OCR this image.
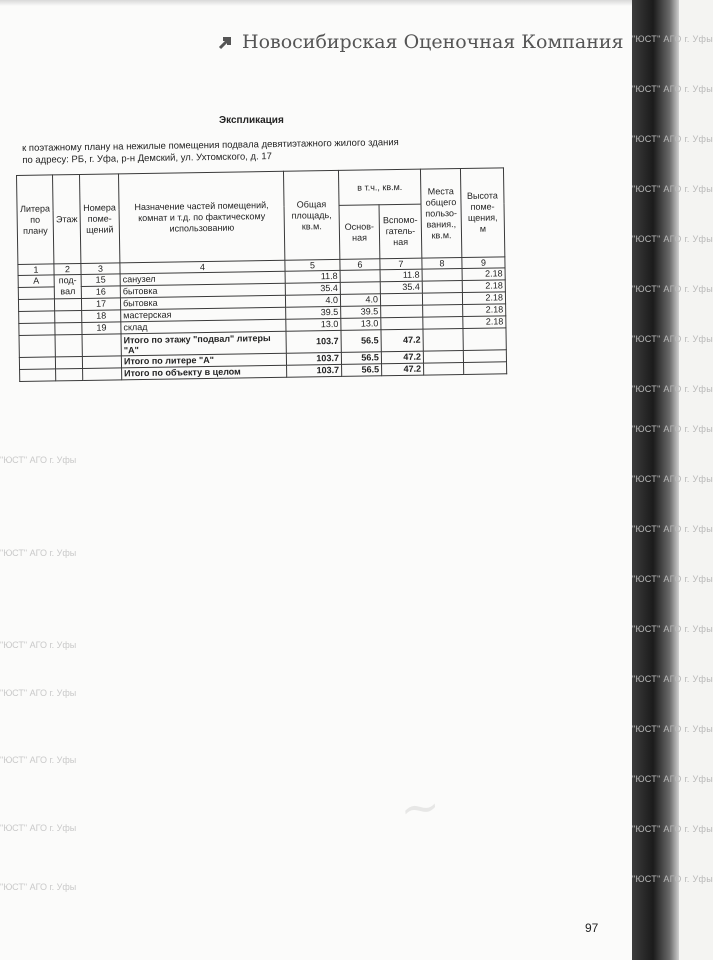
Новосибирская Оценочная Компания
Экспликация
к поэтажному плану на нежилые помещения подвала девятиэтажного жилого здания
по адресу: РБ, г. Уфа, р-н Демский, ул. Ухтомского, д. 17
Литера по плану	Этаж	Номера поме-щений	Назначение частей помещений, комнат и т.д. по фактическому использованию	Общая площадь, кв.м.	в т.ч., кв.м.		Места общего пользо-вания., кв.м.	Высота поме-щения, м
					Основ-ная	Вспомо-гатель-ная		
1	2	3	4	5	6	7	8	9
А	под-вал	15	санузел	11.8		11.8		2.18
		16	бытовка	35.4		35.4		2.18
		17	бытовка	4.0	4.0			2.18
		18	мастерская	39.5	39.5			2.18
		19	склад	13.0	13.0			2.18
			Итого по этажу "подвал" литеры "А"	103.7	56.5	47.2		
			Итого по литере "А"	103.7	56.5	47.2		
			Итого по объекту в целом	103.7	56.5	47.2		
"ЮСТ" АГО г. Уфы
"ЮСТ" АГО г. Уфы
"ЮСТ" АГО г. Уфы
"ЮСТ" АГО г. Уфы
"ЮСТ" АГО г. Уфы
"ЮСТ" АГО г. Уфы
"ЮСТ" АГО г. Уфы
~
97
"ЮСТ" АГО г. Уфы
"ЮСТ" АГО г. Уфы
"ЮСТ" АГО г. Уфы
"ЮСТ" АГО г. Уфы
"ЮСТ" АГО г. Уфы
"ЮСТ" АГО г. Уфы
"ЮСТ" АГО г. Уфы
"ЮСТ" АГО г. Уфы
"ЮСТ" АГО г. Уфы
"ЮСТ" АГО г. Уфы
"ЮСТ" АГО г. Уфы
"ЮСТ" АГО г. Уфы
"ЮСТ" АГО г. Уфы
"ЮСТ" АГО г. Уфы
"ЮСТ" АГО г. Уфы
"ЮСТ" АГО г. Уфы
"ЮСТ" АГО г. Уфы
"ЮСТ" АГО г. Уфы
